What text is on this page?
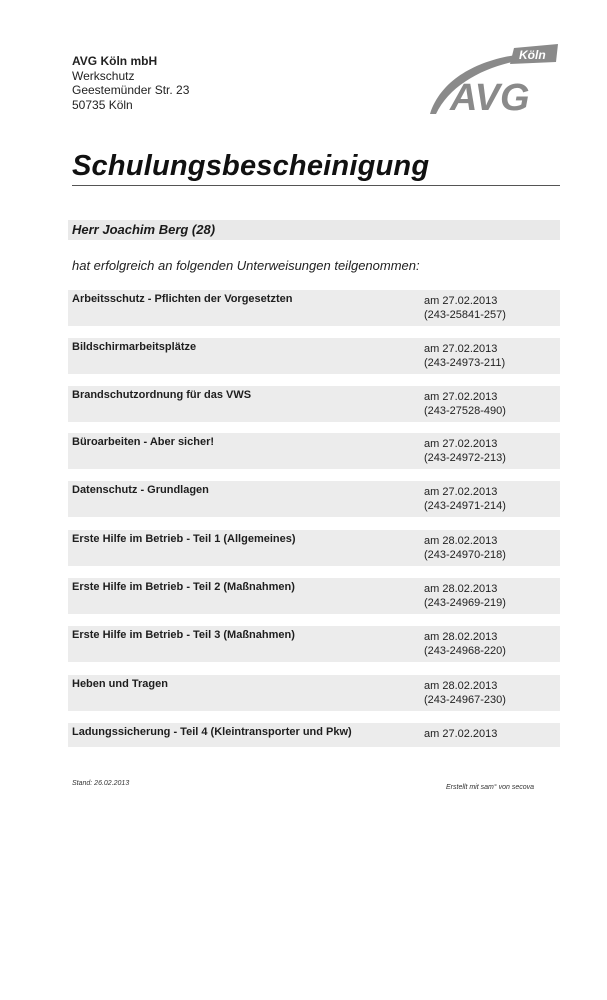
AVG Köln mbH
Werkschutz
Geestemünder Str. 23
50735 Köln
Köln
AVG
Schulungsbescheinigung
Herr Joachim Berg (28)
hat erfolgreich an folgenden Unterweisungen teilgenommen:
Arbeitsschutz - Pflichten der Vorgesetzten	am 27.02.2013
(243-25841-257)
Bildschirmarbeitsplätze	am 27.02.2013
(243-24973-211)
Brandschutzordnung für das VWS	am 27.02.2013
(243-27528-490)
Büroarbeiten - Aber sicher!	am 27.02.2013
(243-24972-213)
Datenschutz - Grundlagen	am 27.02.2013
(243-24971-214)
Erste Hilfe im Betrieb - Teil 1 (Allgemeines)	am 28.02.2013
(243-24970-218)
Erste Hilfe im Betrieb - Teil 2 (Maßnahmen)	am 28.02.2013
(243-24969-219)
Erste Hilfe im Betrieb - Teil 3 (Maßnahmen)	am 28.02.2013
(243-24968-220)
Heben und Tragen	am 28.02.2013
(243-24967-230)
Ladungssicherung - Teil 4 (Kleintransporter und Pkw)	am 27.02.2013
Stand: 26.02.2013
Erstellt mit sam° von secova
